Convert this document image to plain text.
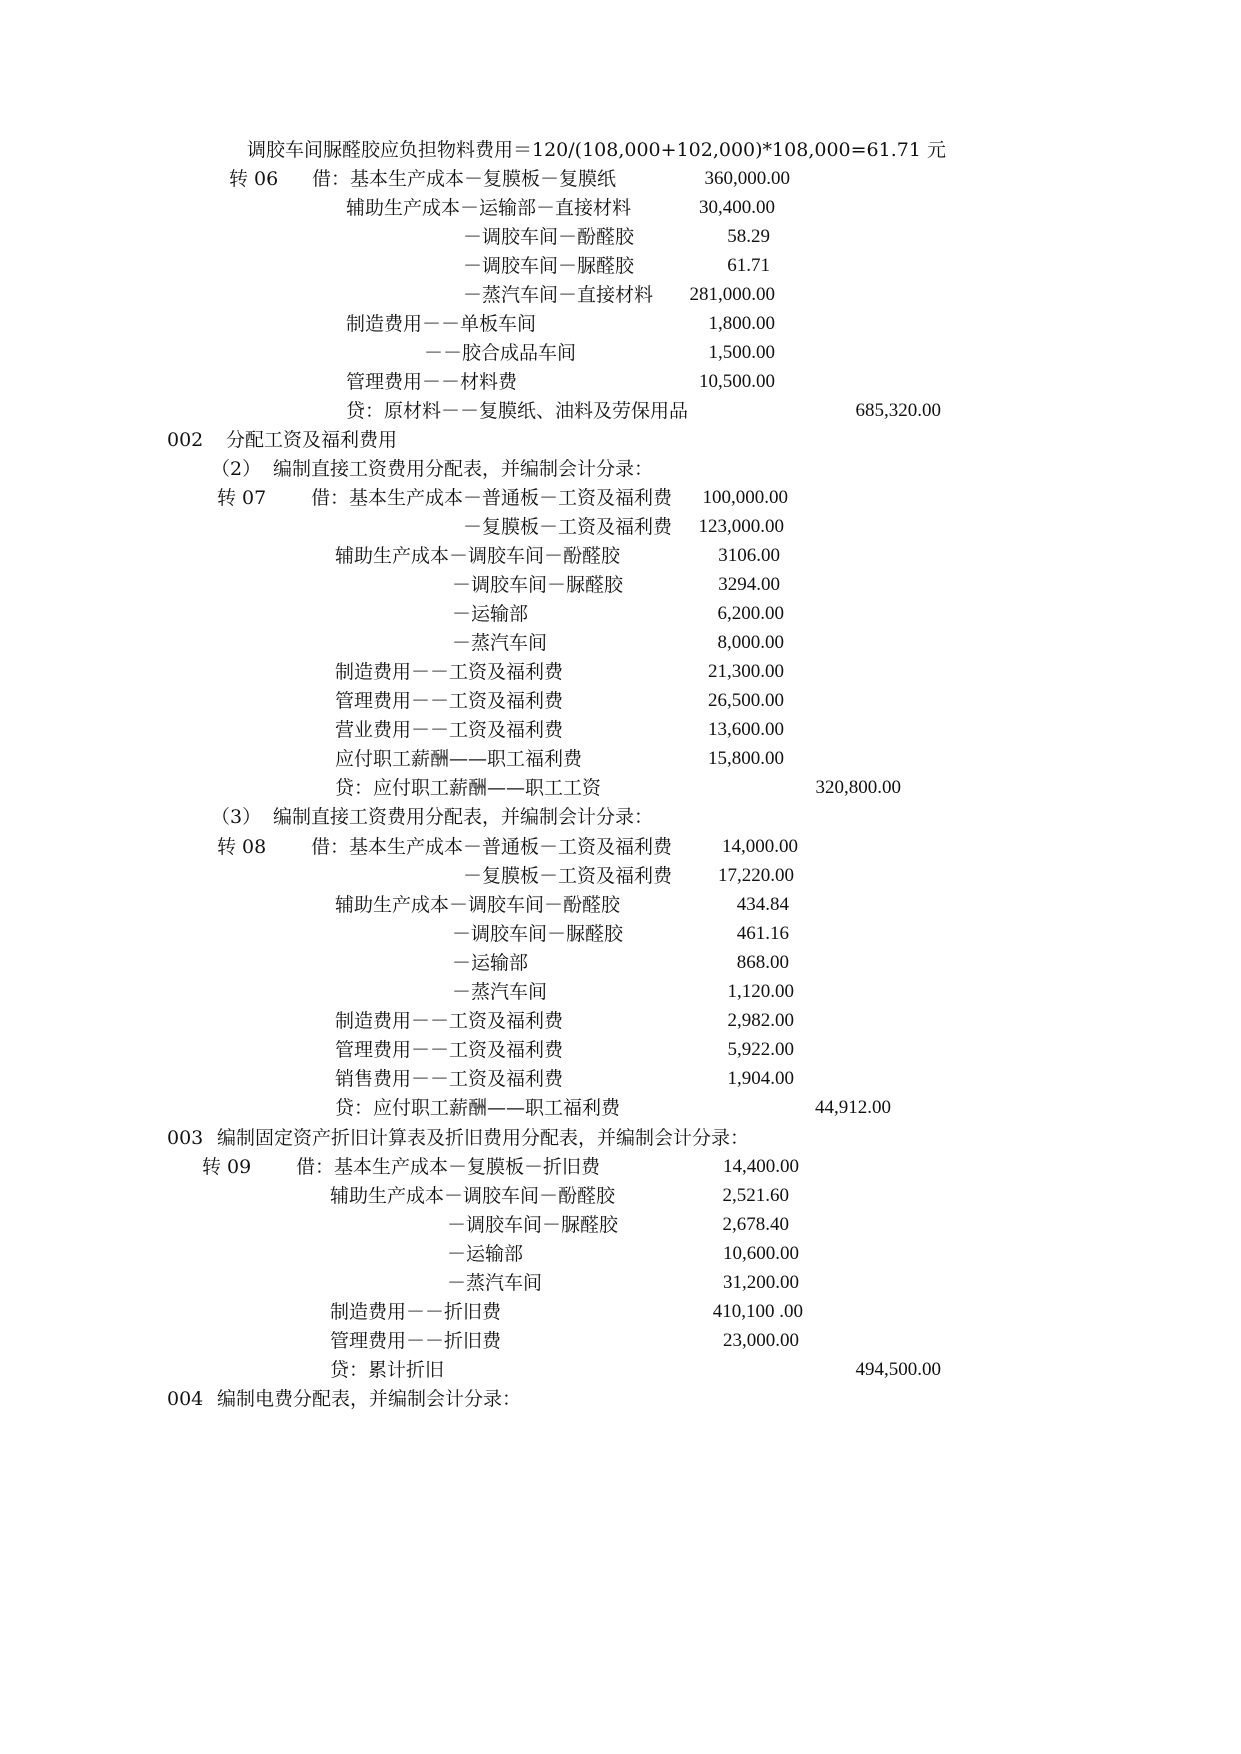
调胶车间脲醛胶应负担物料费用＝120/(108,000+102,000)*108,000=61.71 元
转 06 借： 基本生产成本－复膜板－复膜纸	360,000.00
辅助生产成本－运输部－直接材料	30,400.00
－调胶车间－酚醛胶	58.29
－调胶车间－脲醛胶	61.71
－蒸汽车间－直接材料 281,000.00
制造费用－－单板车间	1,800.00
－－胶合成品车间	1,500.00
管理费用－－材料费	10,500.00
贷：原材料－－复膜纸、油料及劳保用品	685,320.00
002 分配工资及福利费用
（2） 编制直接工资费用分配表，并编制会计分录：
转 07 借： 基本生产成本－普通板－工资及福利费 100,000.00
－复膜板－工资及福利费 123,000.00
辅助生产成本－调胶车间－酚醛胶	3106.00
－调胶车间－脲醛胶	3294.00
－运输部	6,200.00
－蒸汽车间	8,000.00
制造费用－－工资及福利费	21,300.00
管理费用－－工资及福利费	26,500.00
营业费用－－工资及福利费	13,600.00
应付职工薪酬——职工福利费	15,800.00
贷：应付职工薪酬——职工工资	320,800.00
（3） 编制直接工资费用分配表，并编制会计分录：
转 08 借： 基本生产成本－普通板－工资及福利费	14,000.00
－复膜板－工资及福利费 17,220.00
辅助生产成本－调胶车间－酚醛胶	434.84
－调胶车间－脲醛胶	461.16
－运输部	868.00
－蒸汽车间	1,120.00
制造费用－－工资及福利费	2,982.00
管理费用－－工资及福利费	5,922.00
销售费用－－工资及福利费	1,904.00
贷：应付职工薪酬——职工福利费	44,912.00
003 编制固定资产折旧计算表及折旧费用分配表，并编制会计分录：
转 09 借： 基本生产成本－复膜板－折旧费	14,400.00
辅助生产成本－调胶车间－酚醛胶	2,521.60
－调胶车间－脲醛胶	2,678.40
－运输部	10,600.00
－蒸汽车间	31,200.00
制造费用－－折旧费	410,100 .00
管理费用－－折旧费	23,000.00
贷：累计折旧	494,500.00
004 编制电费分配表，并编制会计分录：
